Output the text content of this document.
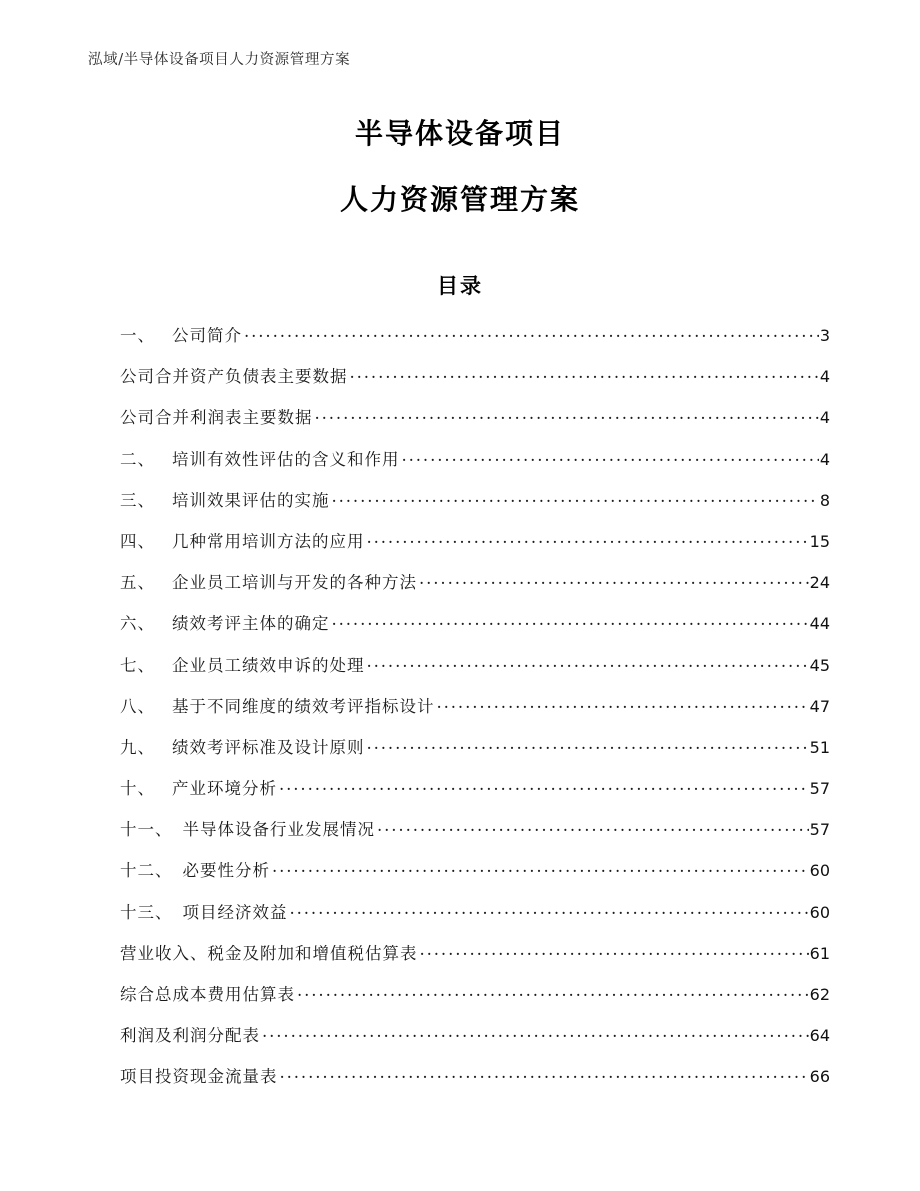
泓域/半导体设备项目人力资源管理方案
半导体设备项目
人力资源管理方案
目录
一、	公司简介 .....	3
公司合并资产负债表主要数据 .....	4
公司合并利润表主要数据 .....	4
二、	培训有效性评估的含义和作用 .....	4
三、	培训效果评估的实施 .....	8
四、	几种常用培训方法的应用 .....	15
五、	企业员工培训与开发的各种方法 .....	24
六、	绩效考评主体的确定 .....	44
七、	企业员工绩效申诉的处理 .....	45
八、	基于不同维度的绩效考评指标设计 .....	47
九、	绩效考评标准及设计原则 .....	51
十、	产业环境分析 .....	57
十一、 半导体设备行业发展情况 .....	57
十二、 必要性分析 .....	60
十三、 项目经济效益 .....	60
营业收入、税金及附加和增值税估算表 .....	61
综合总成本费用估算表 .....	62
利润及利润分配表 .....	64
项目投资现金流量表 .....	66
